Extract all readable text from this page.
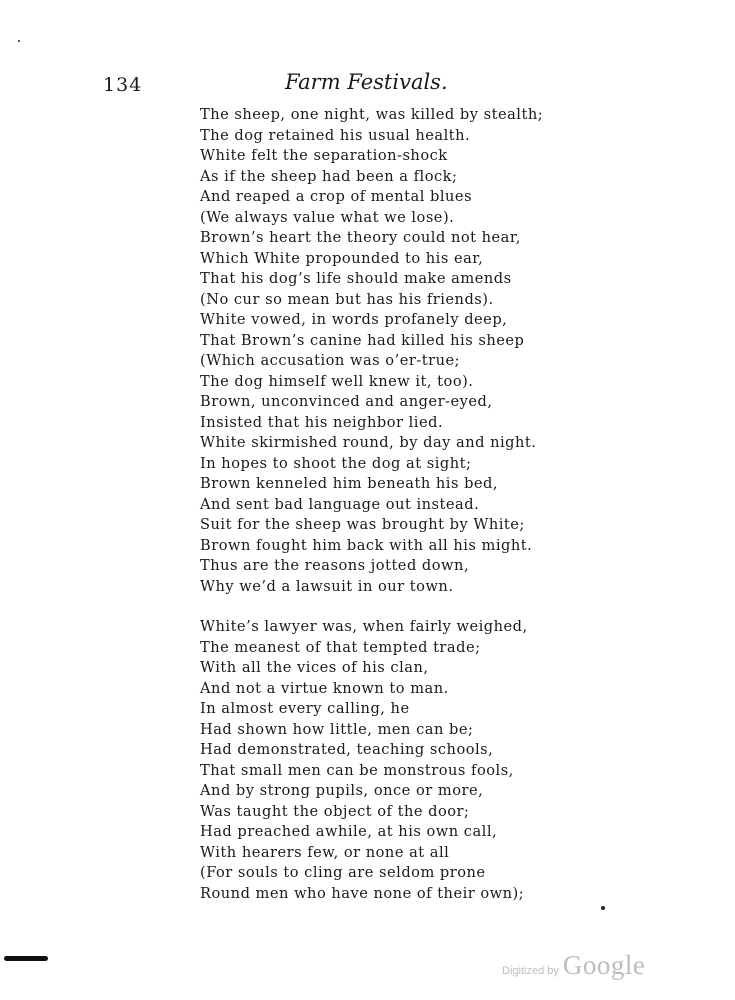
134	Farm Festivals.
The sheep, one night, was killed by stealth;
The dog retained his usual health.
White felt the separation-shock
As if the sheep had been a flock;
And reaped a crop of mental blues
(We always value what we lose).
Brown’s heart the theory could not hear,
Which White propounded to his ear,
That his dog’s life should make amends
(No cur so mean but has his friends).
White vowed, in words profanely deep,
That Brown’s canine had killed his sheep
(Which accusation was o’er-true;
The dog himself well knew it, too).
Brown, unconvinced and anger-eyed,
Insisted that his neighbor lied.
White skirmished round, by day and night.
In hopes to shoot the dog at sight;
Brown kenneled him beneath his bed,
And sent bad language out instead.
Suit for the sheep was brought by White;
Brown fought him back with all his might.
Thus are the reasons jotted down,
Why we’d a lawsuit in our town.
White’s lawyer was, when fairly weighed,
The meanest of that tempted trade;
With all the vices of his clan,
And not a virtue known to man.
In almost every calling, he
Had shown how little, men can be;
Had demonstrated, teaching schools,
That small men can be monstrous fools,
And by strong pupils, once or more,
Was taught the object of the door;
Had preached awhile, at his own call,
With hearers few, or none at all
(For souls to cling are seldom prone
Round men who have none of their own);
Digitized by Google
